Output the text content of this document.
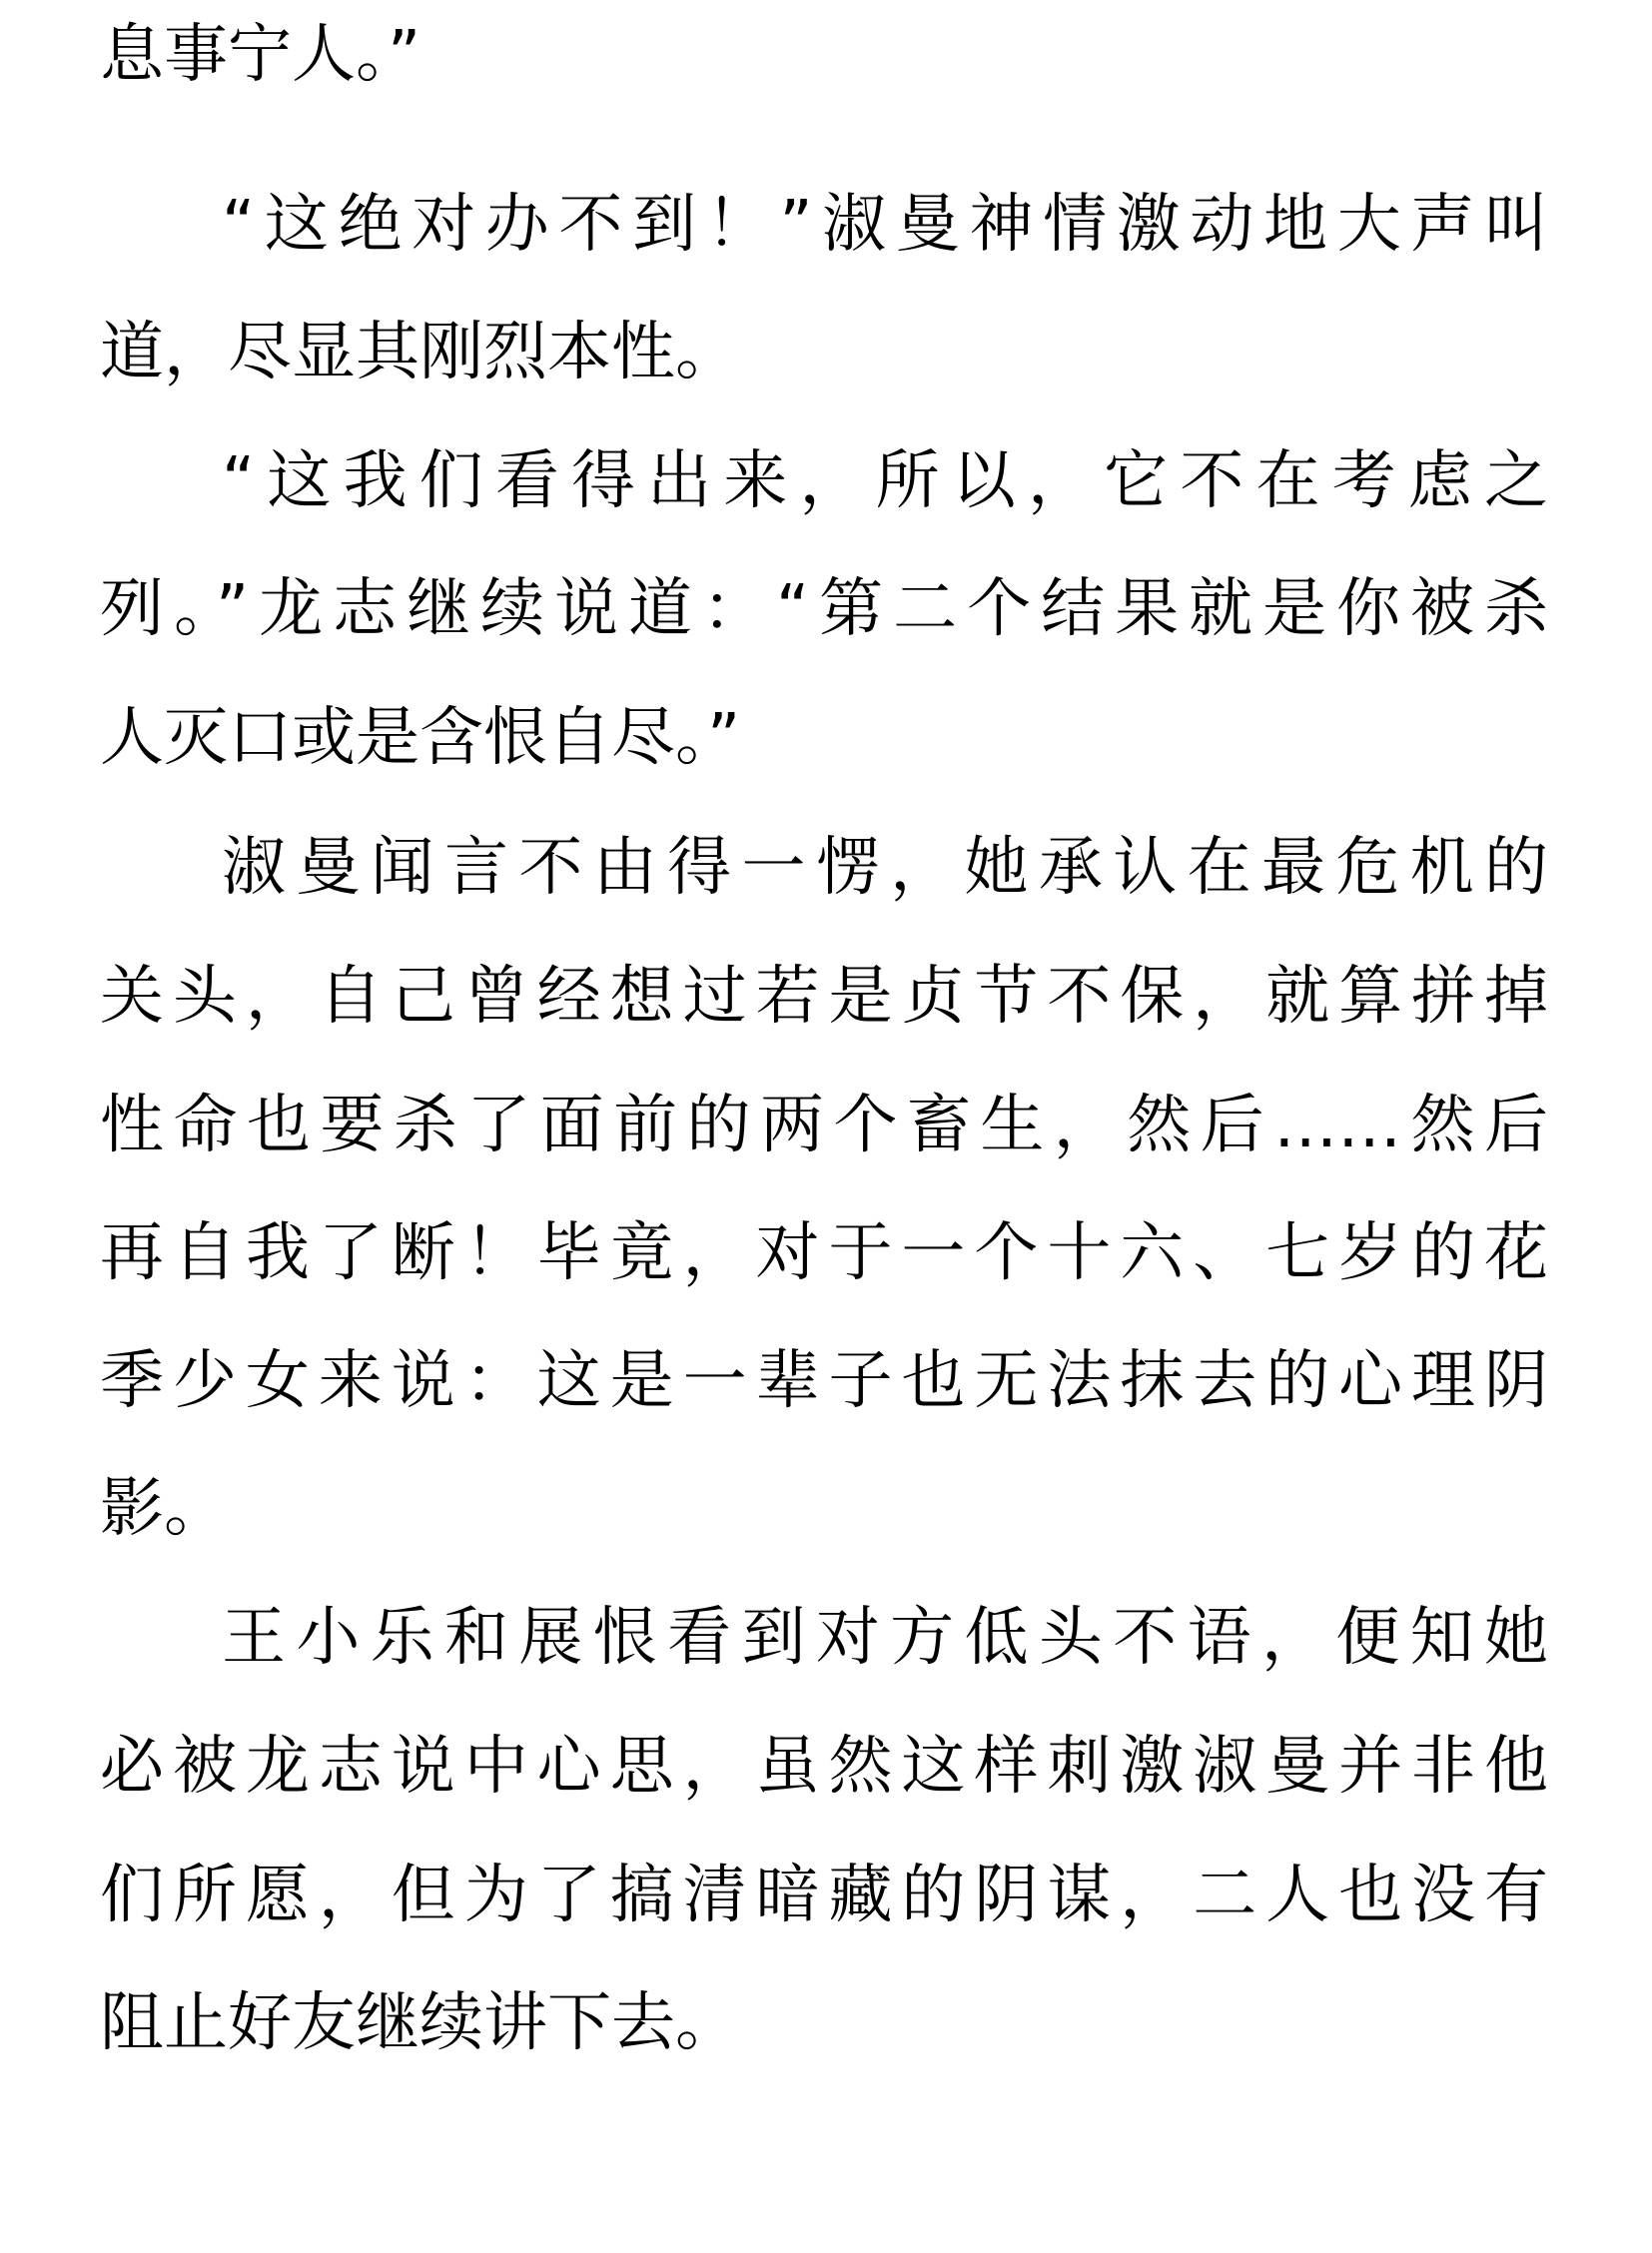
息事宁人。”
“这绝对办不到！”淑曼神情激动地大声叫
道，尽显其刚烈本性。
“这我们看得出来，所以，它不在考虑之
列。”龙志继续说道：“第二个结果就是你被杀
人灭口或是含恨自尽。”
淑曼闻言不由得一愣，她承认在最危机的
关头，自己曾经想过若是贞节不保，就算拼掉
性命也要杀了面前的两个畜生，然后……然后
再自我了断！毕竟，对于一个十六、七岁的花
季少女来说：这是一辈子也无法抹去的心理阴
影。
王小乐和展恨看到对方低头不语，便知她
必被龙志说中心思，虽然这样刺激淑曼并非他
们所愿，但为了搞清暗藏的阴谋，二人也没有
阻止好友继续讲下去。
